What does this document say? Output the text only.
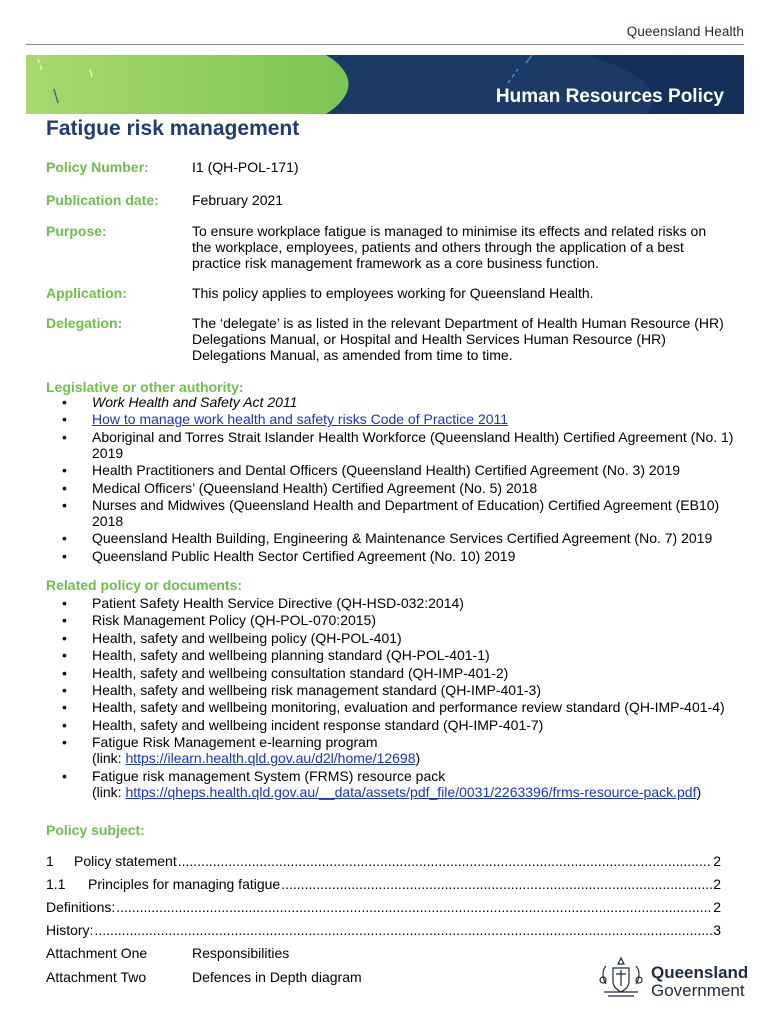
Queensland Health
Human Resources Policy
Fatigue risk management
Policy Number:	I1 (QH-POL-171)
Publication date:	February 2021
Purpose:	To ensure workplace fatigue is managed to minimise its effects and related risks on the workplace, employees, patients and others through the application of a best practice risk management framework as a core business function.
Application:	This policy applies to employees working for Queensland Health.
Delegation:	The ‘delegate’ is as listed in the relevant Department of Health Human Resource (HR) Delegations Manual, or Hospital and Health Services Human Resource (HR) Delegations Manual, as amended from time to time.
Legislative or other authority:
• Work Health and Safety Act 2011
• How to manage work health and safety risks Code of Practice 2011
• Aboriginal and Torres Strait Islander Health Workforce (Queensland Health) Certified Agreement (No. 1) 2019
• Health Practitioners and Dental Officers (Queensland Health) Certified Agreement (No. 3) 2019
• Medical Officers’ (Queensland Health) Certified Agreement (No. 5) 2018
• Nurses and Midwives (Queensland Health and Department of Education) Certified Agreement (EB10) 2018
• Queensland Health Building, Engineering & Maintenance Services Certified Agreement (No. 7) 2019
• Queensland Public Health Sector Certified Agreement (No. 10) 2019
Related policy or documents:
• Patient Safety Health Service Directive (QH-HSD-032:2014)
• Risk Management Policy (QH-POL-070:2015)
• Health, safety and wellbeing policy (QH-POL-401)
• Health, safety and wellbeing planning standard (QH-POL-401-1)
• Health, safety and wellbeing consultation standard (QH-IMP-401-2)
• Health, safety and wellbeing risk management standard (QH-IMP-401-3)
• Health, safety and wellbeing monitoring, evaluation and performance review standard (QH-IMP-401-4)
• Health, safety and wellbeing incident response standard (QH-IMP-401-7)
• Fatigue Risk Management e-learning program
(link: https://ilearn.health.qld.gov.au/d2l/home/12698)
• Fatigue risk management System (FRMS) resource pack
(link: https://qheps.health.qld.gov.au/__data/assets/pdf_file/0031/2263396/frms-resource-pack.pdf)
Policy subject:
1	Policy statement .....	2
1.1	Principles for managing fatigue .....	2
Definitions: .....	2
History: .....	3
Attachment One	Responsibilities
Attachment Two	Defences in Depth diagram	Queensland
Government
